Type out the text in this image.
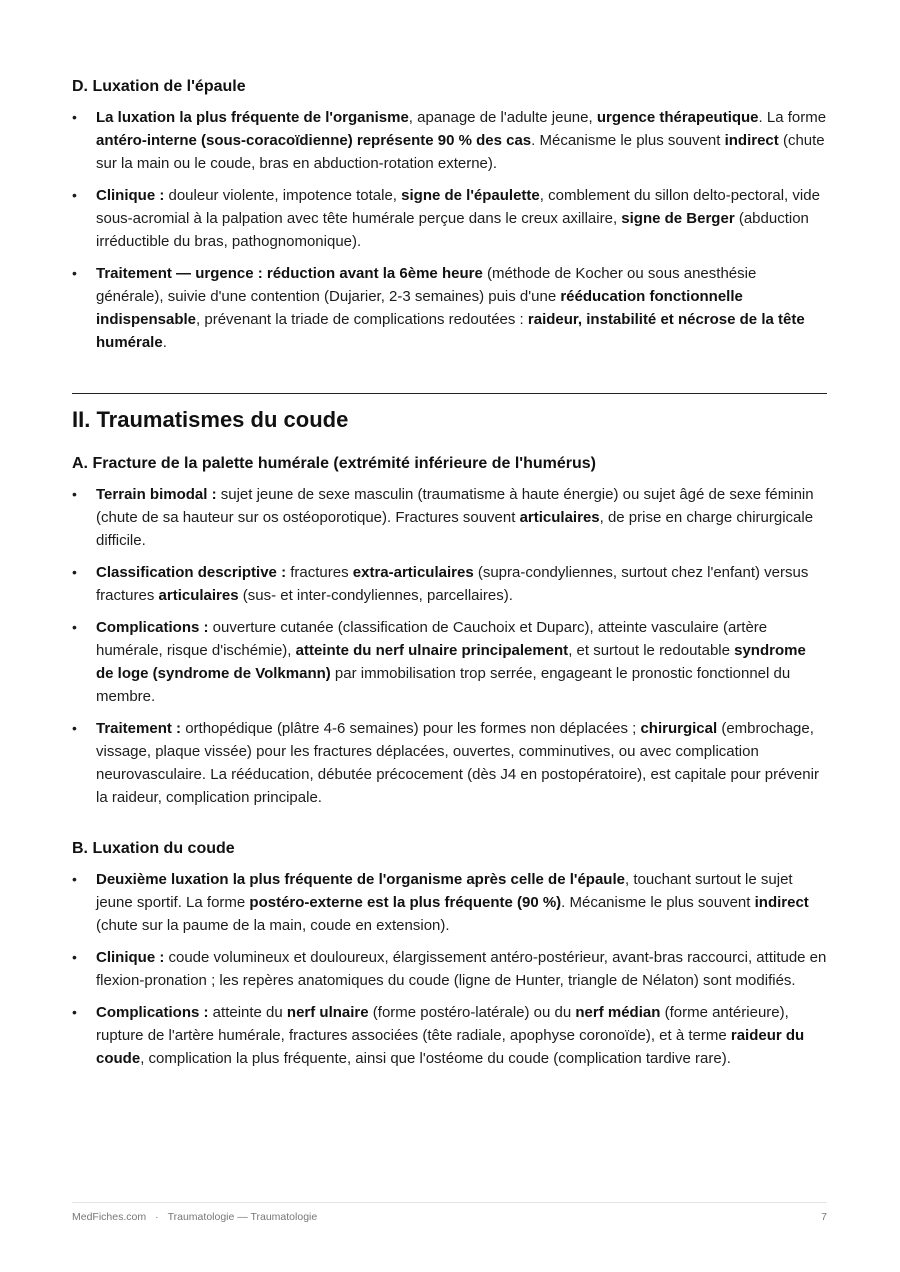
D. Luxation de l'épaule
• La luxation la plus fréquente de l'organisme, apanage de l'adulte jeune, urgence thérapeutique. La forme antéro-interne (sous-coracoïdienne) représente 90 % des cas. Mécanisme le plus souvent indirect (chute sur la main ou le coude, bras en abduction-rotation externe).
• Clinique : douleur violente, impotence totale, signe de l'épaulette, comblement du sillon delto-pectoral, vide sous-acromial à la palpation avec tête humérale perçue dans le creux axillaire, signe de Berger (abduction irréductible du bras, pathognomonique).
• Traitement — urgence : réduction avant la 6ème heure (méthode de Kocher ou sous anesthésie générale), suivie d'une contention (Dujarier, 2-3 semaines) puis d'une rééducation fonctionnelle indispensable, prévenant la triade de complications redoutées : raideur, instabilité et nécrose de la tête humérale.
II. Traumatismes du coude
A. Fracture de la palette humérale (extrémité inférieure de l'humérus)
• Terrain bimodal : sujet jeune de sexe masculin (traumatisme à haute énergie) ou sujet âgé de sexe féminin (chute de sa hauteur sur os ostéoporotique). Fractures souvent articulaires, de prise en charge chirurgicale difficile.
• Classification descriptive : fractures extra-articulaires (supra-condyliennes, surtout chez l'enfant) versus fractures articulaires (sus- et inter-condyliennes, parcellaires).
• Complications : ouverture cutanée (classification de Cauchoix et Duparc), atteinte vasculaire (artère humérale, risque d'ischémie), atteinte du nerf ulnaire principalement, et surtout le redoutable syndrome de loge (syndrome de Volkmann) par immobilisation trop serrée, engageant le pronostic fonctionnel du membre.
• Traitement : orthopédique (plâtre 4-6 semaines) pour les formes non déplacées ; chirurgical (embrochage, vissage, plaque vissée) pour les fractures déplacées, ouvertes, comminutives, ou avec complication neurovasculaire. La rééducation, débutée précocement (dès J4 en postopératoire), est capitale pour prévenir la raideur, complication principale.
B. Luxation du coude
• Deuxième luxation la plus fréquente de l'organisme après celle de l'épaule, touchant surtout le sujet jeune sportif. La forme postéro-externe est la plus fréquente (90 %). Mécanisme le plus souvent indirect (chute sur la paume de la main, coude en extension).
• Clinique : coude volumineux et douloureux, élargissement antéro-postérieur, avant-bras raccourci, attitude en flexion-pronation ; les repères anatomiques du coude (ligne de Hunter, triangle de Nélaton) sont modifiés.
• Complications : atteinte du nerf ulnaire (forme postéro-latérale) ou du nerf médian (forme antérieure), rupture de l'artère humérale, fractures associées (tête radiale, apophyse coronoïde), et à terme raideur du coude, complication la plus fréquente, ainsi que l'ostéome du coude (complication tardive rare).
MedFiches.com · Traumatologie — Traumatologie	7
